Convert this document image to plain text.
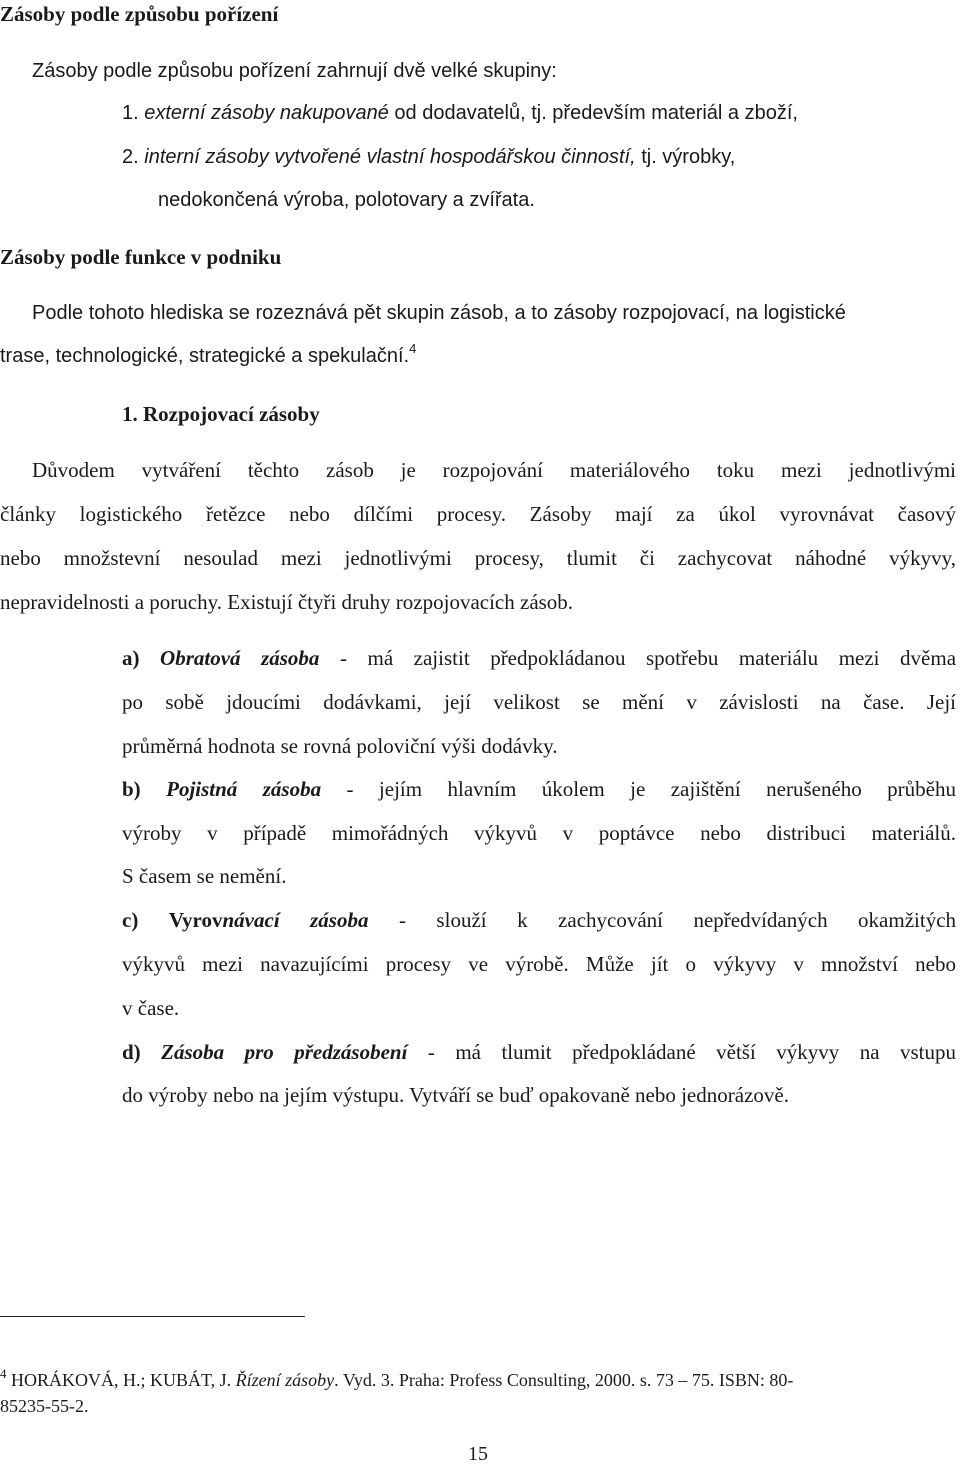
Zásoby podle způsobu pořízení
Zásoby podle způsobu pořízení zahrnují dvě velké skupiny:
1. externí zásoby nakupované od dodavatelů, tj. především materiál a zboží,
2. interní zásoby vytvořené vlastní hospodářskou činností, tj. výrobky,
nedokončená výroba, polotovary a zvířata.
Zásoby podle funkce v podniku
Podle tohoto hlediska se rozeznává pět skupin zásob, a to zásoby rozpojovací, na logistické
trase, technologické, strategické a spekulační.$^4$
1. Rozpojovací zásoby
Důvodem vytváření těchto zásob je rozpojování materiálového toku mezi jednotlivými
články logistického řetězce nebo dílčími procesy. Zásoby mají za úkol vyrovnávat časový
nebo množstevní nesoulad mezi jednotlivými procesy, tlumit či zachycovat náhodné výkyvy,
nepravidelnosti a poruchy. Existují čtyři druhy rozpojovacích zásob.
a) Obratová zásoba - má zajistit předpokládanou spotřebu materiálu mezi dvěma
po sobě jdoucími dodávkami, její velikost se mění v závislosti na čase. Její
průměrná hodnota se rovná poloviční výši dodávky.
b) Pojistná zásoba - jejím hlavním úkolem je zajištění nerušeného průběhu
výroby v případě mimořádných výkyvů v poptávce nebo distribuci materiálů.
S časem se nemění.
c) Vyrovnávací zásoba - slouží k zachycování nepředvídaných okamžitých
výkyvů mezi navazujícími procesy ve výrobě. Může jít o výkyvy v množství nebo
v čase.
d) Zásoba pro předzásobení - má tlumit předpokládané větší výkyvy na vstupu
do výroby nebo na jejím výstupu. Vytváří se buď opakovaně nebo jednorázově.
$^4$ HORÁKOVÁ, H.; KUBÁT, J. Řízení zásoby. Vyd. 3. Praha: Profess Consulting, 2000. s. 73 – 75. ISBN: 80-
85235-55-2.
15
